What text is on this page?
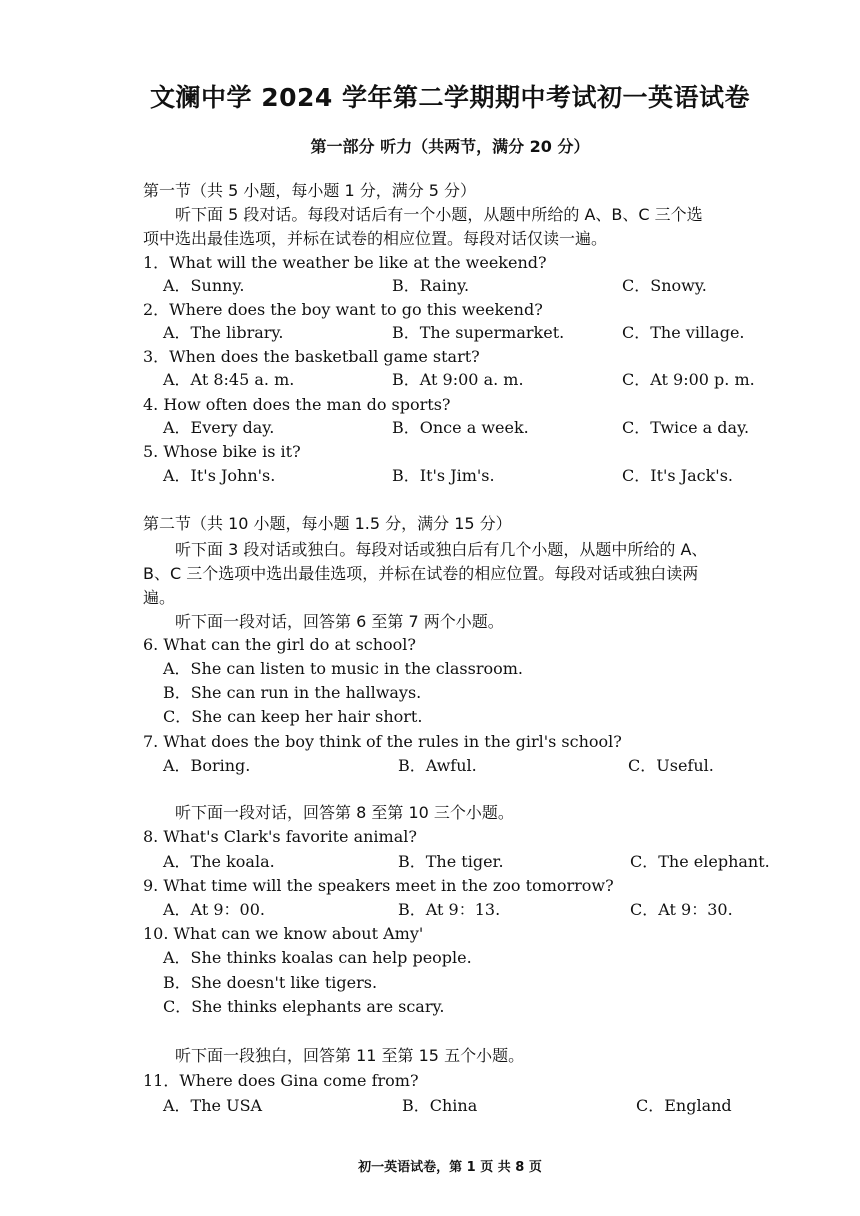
文澜中学 2024 学年第二学期期中考试初一英语试卷
第一部分 听力（共两节，满分 20 分）
第一节（共 5 小题，每小题 1 分，满分 5 分）
听下面 5 段对话。每段对话后有一个小题，从题中所给的 A、B、C 三个选
项中选出最佳选项，并标在试卷的相应位置。每段对话仅读一遍。
1．What will the weather be like at the weekend?
A．Sunny.	B．Rainy.	C．Snowy.
2．Where does the boy want to go this weekend?
A．The library.	B．The supermarket.	C．The village.
3．When does the basketball game start?
A．At 8:45 a. m.	B．At 9:00 a. m.	C．At 9:00 p. m.
4. How often does the man do sports?
A．Every day.	B．Once a week.	C．Twice a day.
5. Whose bike is it?
A．It's John's.	B．It's Jim's.	C．It's Jack's.
第二节（共 10 小题，每小题 1.5 分，满分 15 分）
听下面 3 段对话或独白。每段对话或独白后有几个小题，从题中所给的 A、
B、C 三个选项中选出最佳选项，并标在试卷的相应位置。每段对话或独白读两
遍。
听下面一段对话，回答第 6 至第 7 两个小题。
6. What can the girl do at school?
A．She can listen to music in the classroom.
B．She can run in the hallways.
C．She can keep her hair short.
7. What does the boy think of the rules in the girl's school?
A．Boring.	B．Awful.	C．Useful.
听下面一段对话，回答第 8 至第 10 三个小题。
8. What's Clark's favorite animal?
A．The koala.	B．The tiger.	C．The elephant.
9. What time will the speakers meet in the zoo tomorrow?
A．At 9：00.	B．At 9：13.	C．At 9：30.
10. What can we know about Amy'
A．She thinks koalas can help people.
B．She doesn't like tigers.
C．She thinks elephants are scary.
听下面一段独白，回答第 11 至第 15 五个小题。
11．Where does Gina come from?
A．The USA	B．China	C．England
初一英语试卷，第 1 页 共 8 页
